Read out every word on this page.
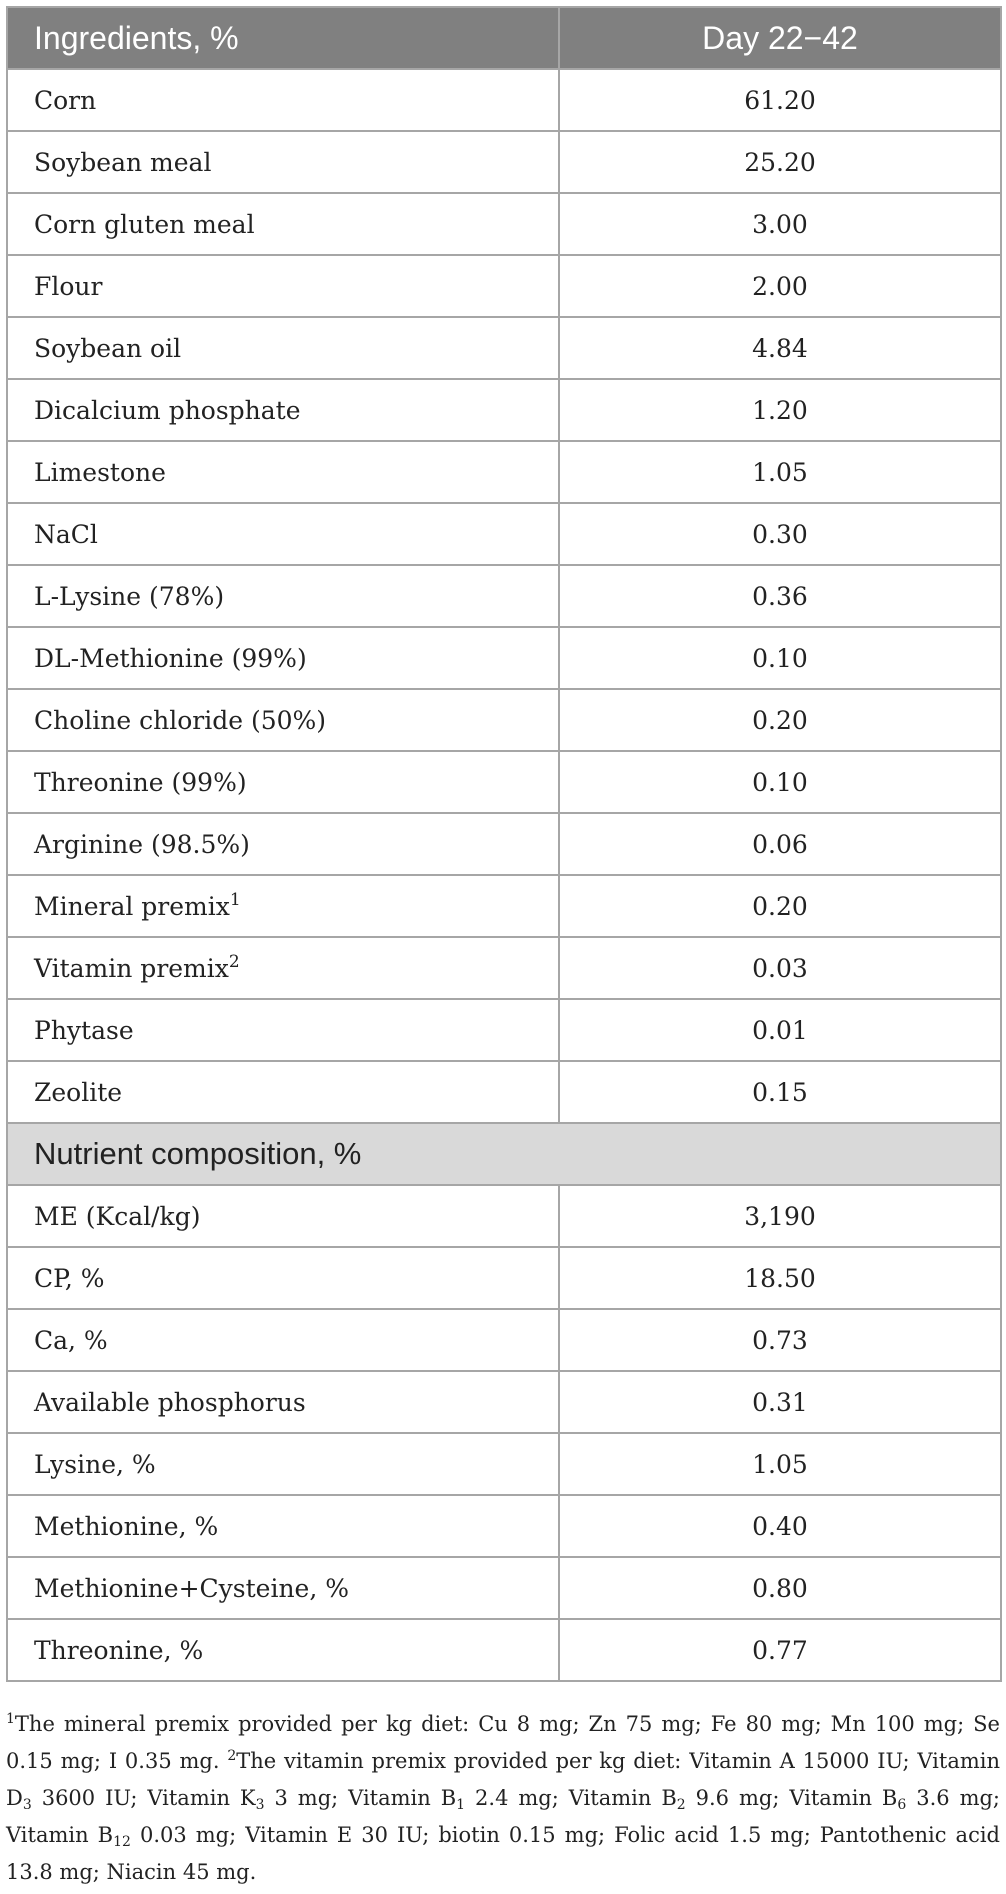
Ingredients, %	Day 22−42
Corn	61.20
Soybean meal	25.20
Corn gluten meal	3.00
Flour	2.00
Soybean oil	4.84
Dicalcium phosphate	1.20
Limestone	1.05
NaCl	0.30
L-Lysine (78%)	0.36
DL-Methionine (99%)	0.10
Choline chloride (50%)	0.20
Threonine (99%)	0.10
Arginine (98.5%)	0.06
Mineral premix$^1$	0.20
Vitamin premix$^2$	0.03
Phytase	0.01
Zeolite	0.15
Nutrient composition, %	
ME (Kcal/kg)	3,190
CP, %	18.50
Ca, %	0.73
Available phosphorus	0.31
Lysine, %	1.05
Methionine, %	0.40
Methionine+Cysteine, %	0.80
Threonine, %	0.77
$^1$The mineral premix provided per kg diet: Cu 8 mg; Zn 75 mg; Fe 80 mg; Mn 100 mg; Se 0.15 mg; I 0.35 mg. $^2$The vitamin premix provided per kg diet: Vitamin A 15000 IU; Vitamin $D_3$ 3600 IU; Vitamin $K_3$ 3 mg; Vitamin $B_1$ 2.4 mg; Vitamin $B_2$ 9.6 mg; Vitamin $B_6$ 3.6 mg; Vitamin $B_{12}$ 0.03 mg; Vitamin E 30 IU; biotin 0.15 mg; Folic acid 1.5 mg; Pantothenic acid 13.8 mg; Niacin 45 mg.
